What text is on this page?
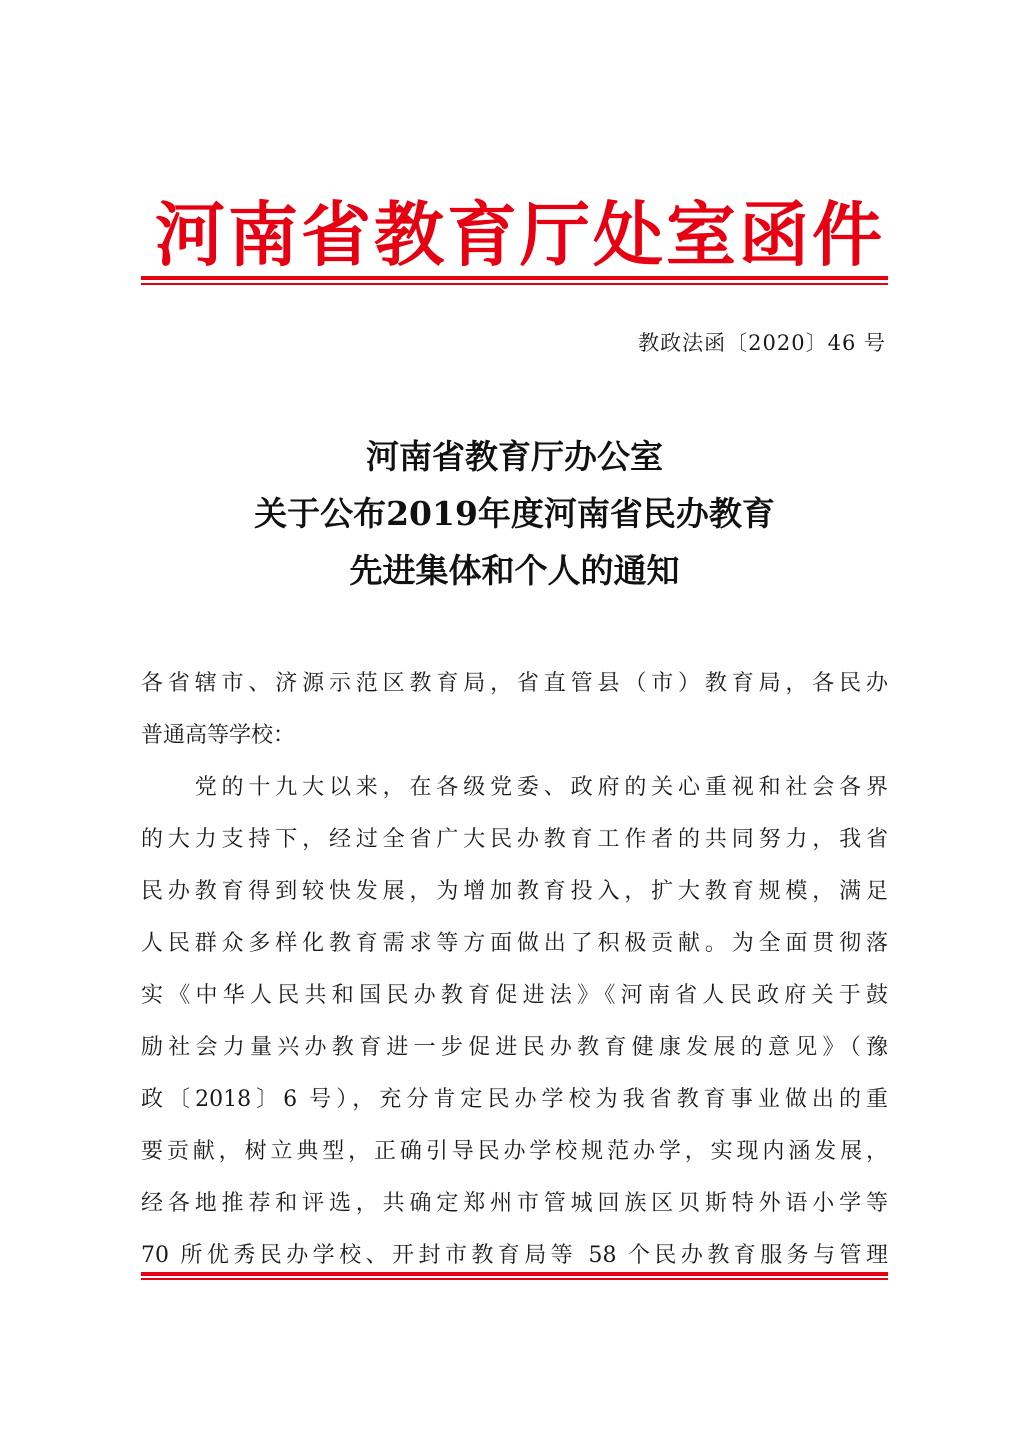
河南省教育厅处室函件
教政法函〔2020〕46 号
河南省教育厅办公室
关于公布2019年度河南省民办教育
先进集体和个人的通知
各省辖市、济源示范区教育局，省直管县（市）教育局，各民办
普通高等学校：
　　党的十九大以来，在各级党委、政府的关心重视和社会各界
的大力支持下，经过全省广大民办教育工作者的共同努力，我省
民办教育得到较快发展，为增加教育投入，扩大教育规模，满足
人民群众多样化教育需求等方面做出了积极贡献。为全面贯彻落
实《中华人民共和国民办教育促进法》《河南省人民政府关于鼓
励社会力量兴办教育进一步促进民办教育健康发展的意见》（豫
政〔2018〕6 号），充分肯定民办学校为我省教育事业做出的重
要贡献，树立典型，正确引导民办学校规范办学，实现内涵发展，
经各地推荐和评选，共确定郑州市管城回族区贝斯特外语小学等
70 所优秀民办学校、开封市教育局等 58 个民办教育服务与管理
